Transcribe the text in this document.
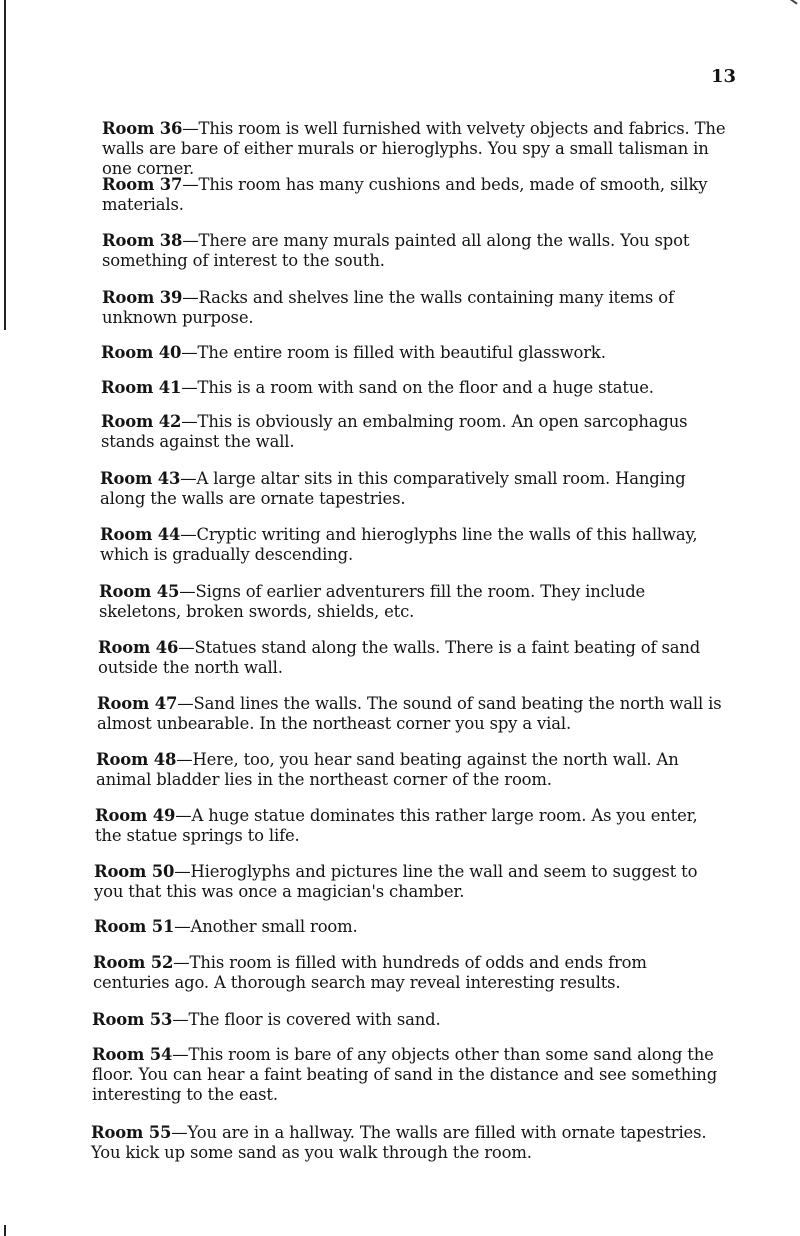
13

Room 36—This room is well furnished with velvety objects and fabrics. The walls are bare of either murals or hieroglyphs. You spy a small talisman in one corner.

Room 37—This room has many cushions and beds, made of smooth, silky materials.

Room 38—There are many murals painted all along the walls. You spot something of interest to the south.

Room 39—Racks and shelves line the walls containing many items of unknown purpose.

Room 40—The entire room is filled with beautiful glasswork.

Room 41—This is a room with sand on the floor and a huge statue.

Room 42—This is obviously an embalming room. An open sarcophagus stands against the wall.

Room 43—A large altar sits in this comparatively small room. Hanging along the walls are ornate tapestries.

Room 44—Cryptic writing and hieroglyphs line the walls of this hallway, which is gradually descending.

Room 45—Signs of earlier adventurers fill the room. They include skeletons, broken swords, shields, etc.

Room 46—Statues stand along the walls. There is a faint beating of sand outside the north wall.

Room 47—Sand lines the walls. The sound of sand beating the north wall is almost unbearable. In the northeast corner you spy a vial.

Room 48—Here, too, you hear sand beating against the north wall. An animal bladder lies in the northeast corner of the room.

Room 49—A huge statue dominates this rather large room. As you enter, the statue springs to life.

Room 50—Hieroglyphs and pictures line the wall and seem to suggest to you that this was once a magician's chamber.

Room 51—Another small room.

Room 52—This room is filled with hundreds of odds and ends from centuries ago. A thorough search may reveal interesting results.

Room 53—The floor is covered with sand.

Room 54—This room is bare of any objects other than some sand along the floor. You can hear a faint beating of sand in the distance and see something interesting to the east.

Room 55—You are in a hallway. The walls are filled with ornate tapestries. You kick up some sand as you walk through the room.
